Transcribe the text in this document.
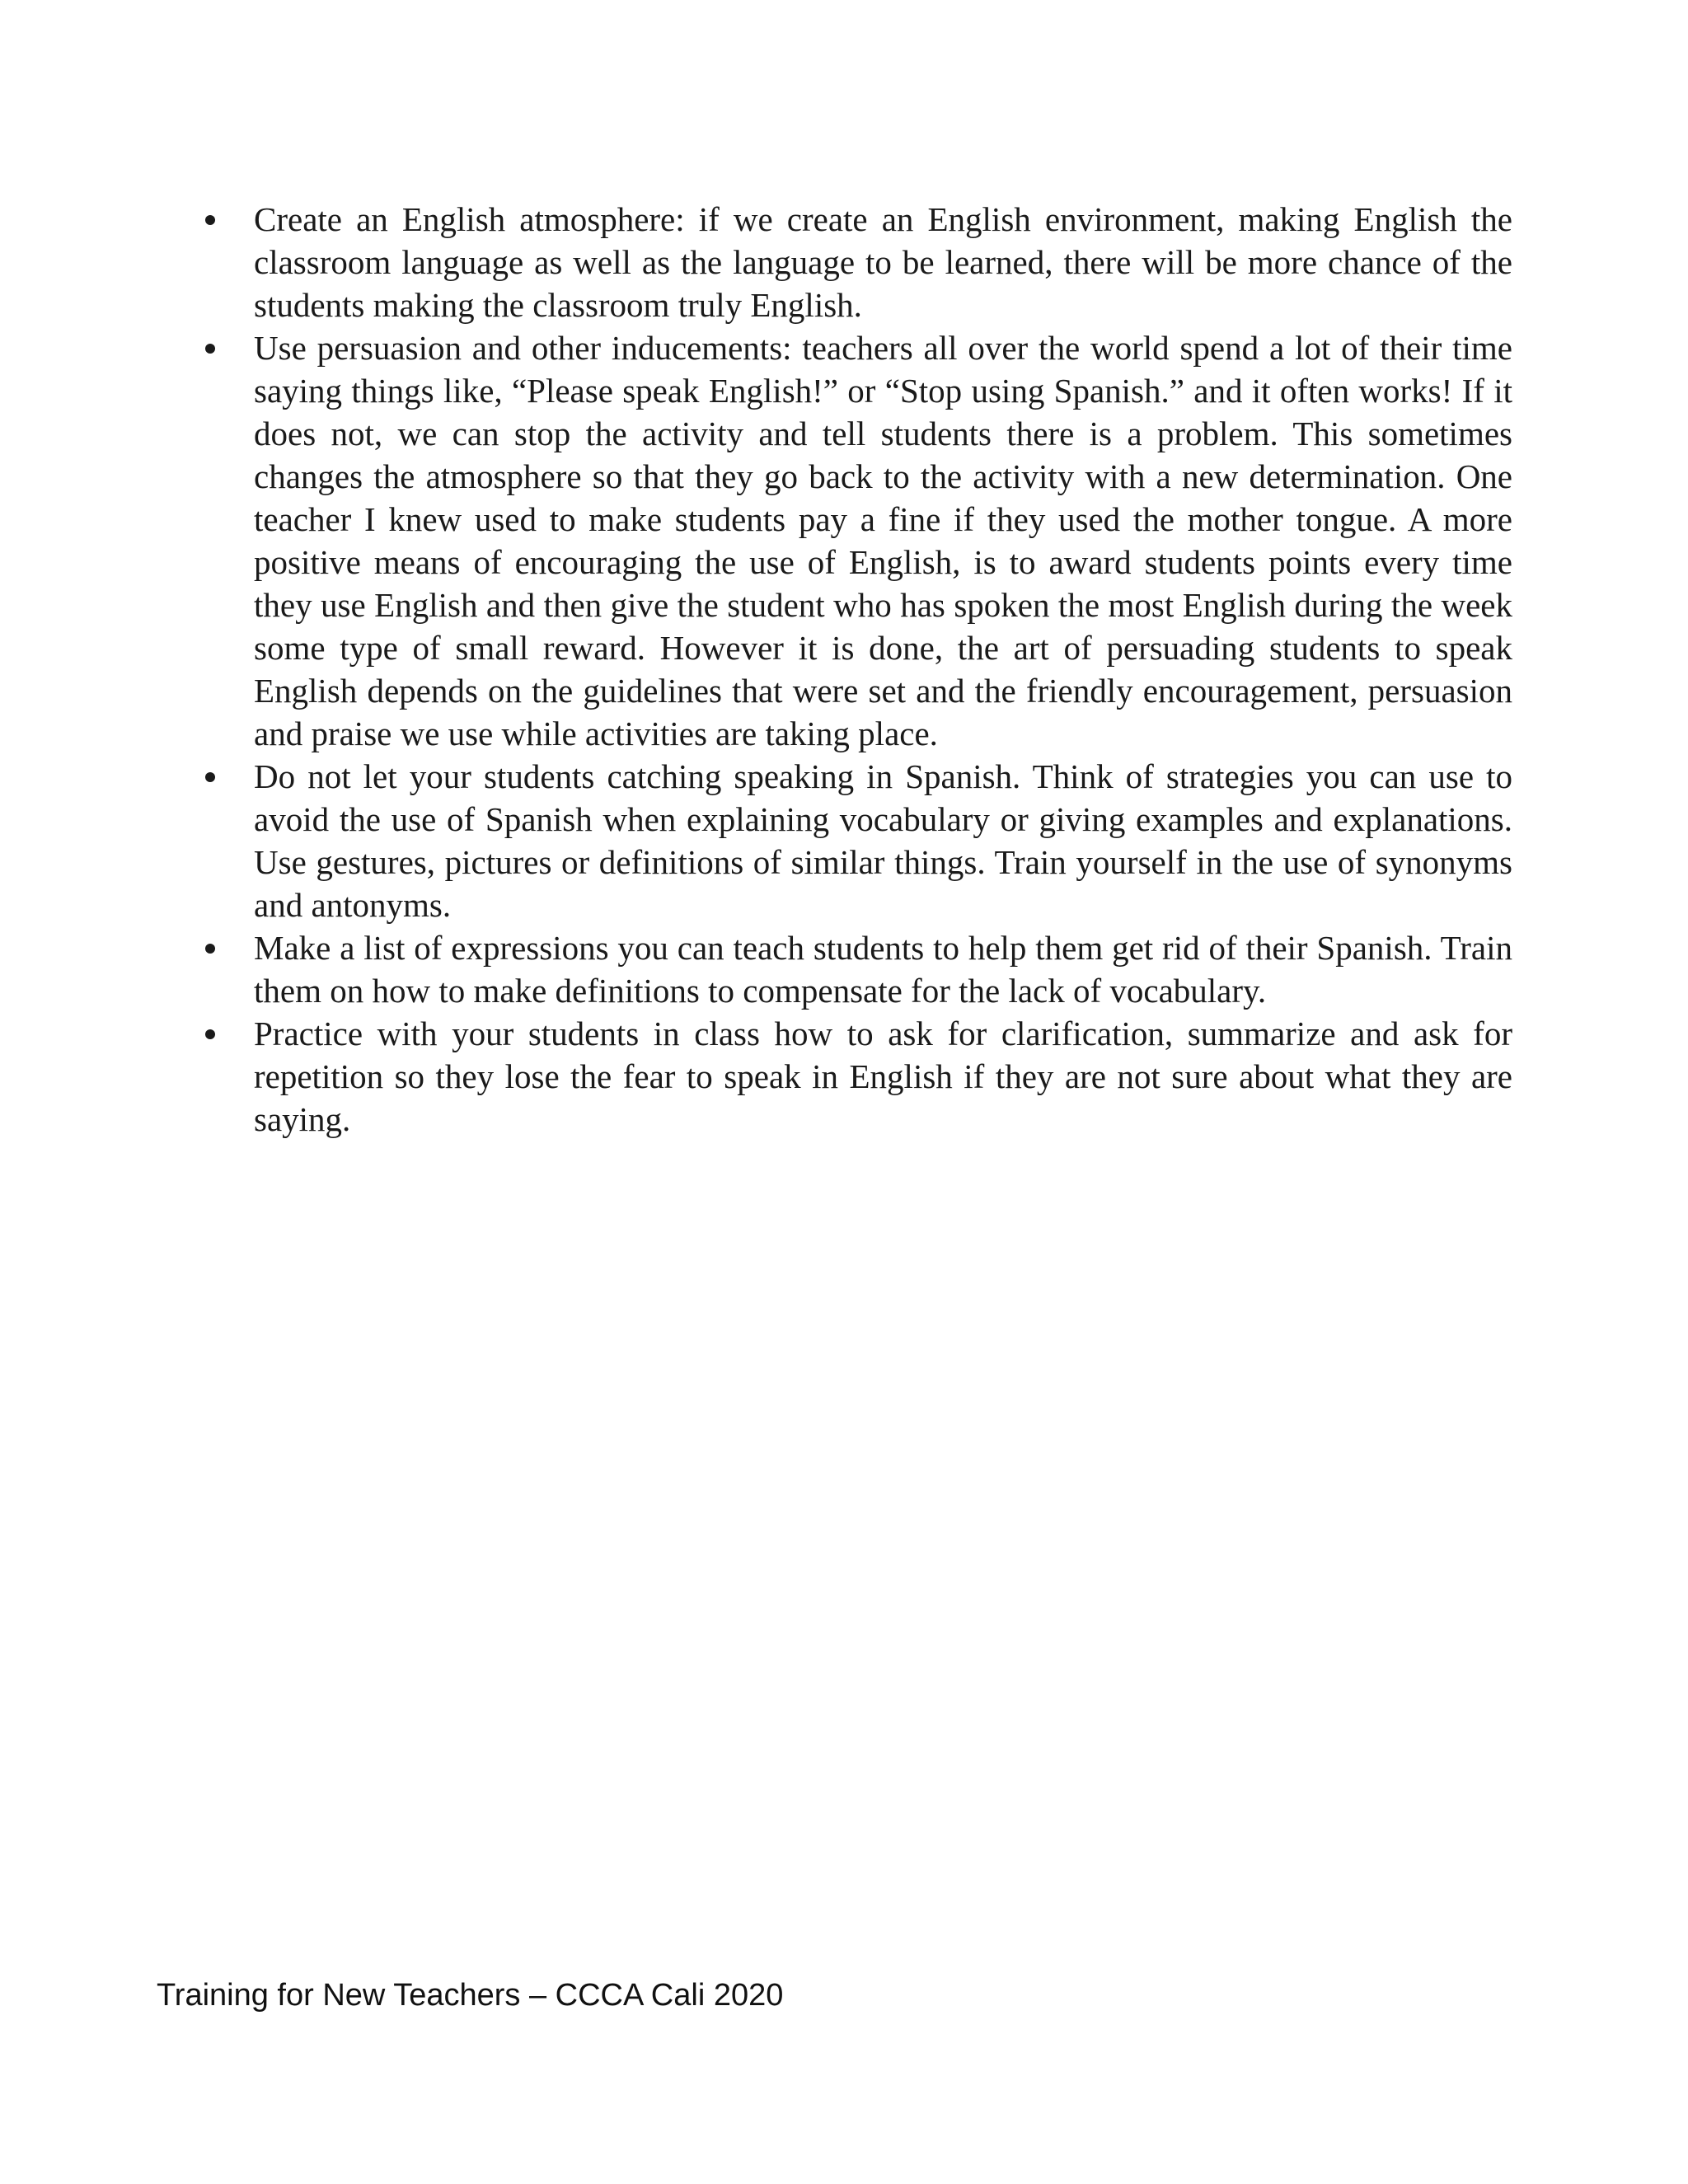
Create an English atmosphere: if we create an English environment, making English the classroom language as well as the language to be learned, there will be more chance of the students making the classroom truly English.
Use persuasion and other inducements: teachers all over the world spend a lot of their time saying things like, “Please speak English!” or “Stop using Spanish.” and it often works! If it does not, we can stop the activity and tell students there is a problem. This sometimes changes the atmosphere so that they go back to the activity with a new determination. One teacher I knew used to make students pay a fine if they used the mother tongue. A more positive means of encouraging the use of English, is to award students points every time they use English and then give the student who has spoken the most English during the week some type of small reward. However it is done, the art of persuading students to speak English depends on the guidelines that were set and the friendly encouragement, persuasion and praise we use while activities are taking place.
Do not let your students catching speaking in Spanish. Think of strategies you can use to avoid the use of Spanish when explaining vocabulary or giving examples and explanations. Use gestures, pictures or definitions of similar things. Train yourself in the use of synonyms and antonyms.
Make a list of expressions you can teach students to help them get rid of their Spanish. Train them on how to make definitions to compensate for the lack of vocabulary.
Practice with your students in class how to ask for clarification, summarize and ask for repetition so they lose the fear to speak in English if they are not sure about what they are saying.
Training for New Teachers – CCCA Cali 2020
